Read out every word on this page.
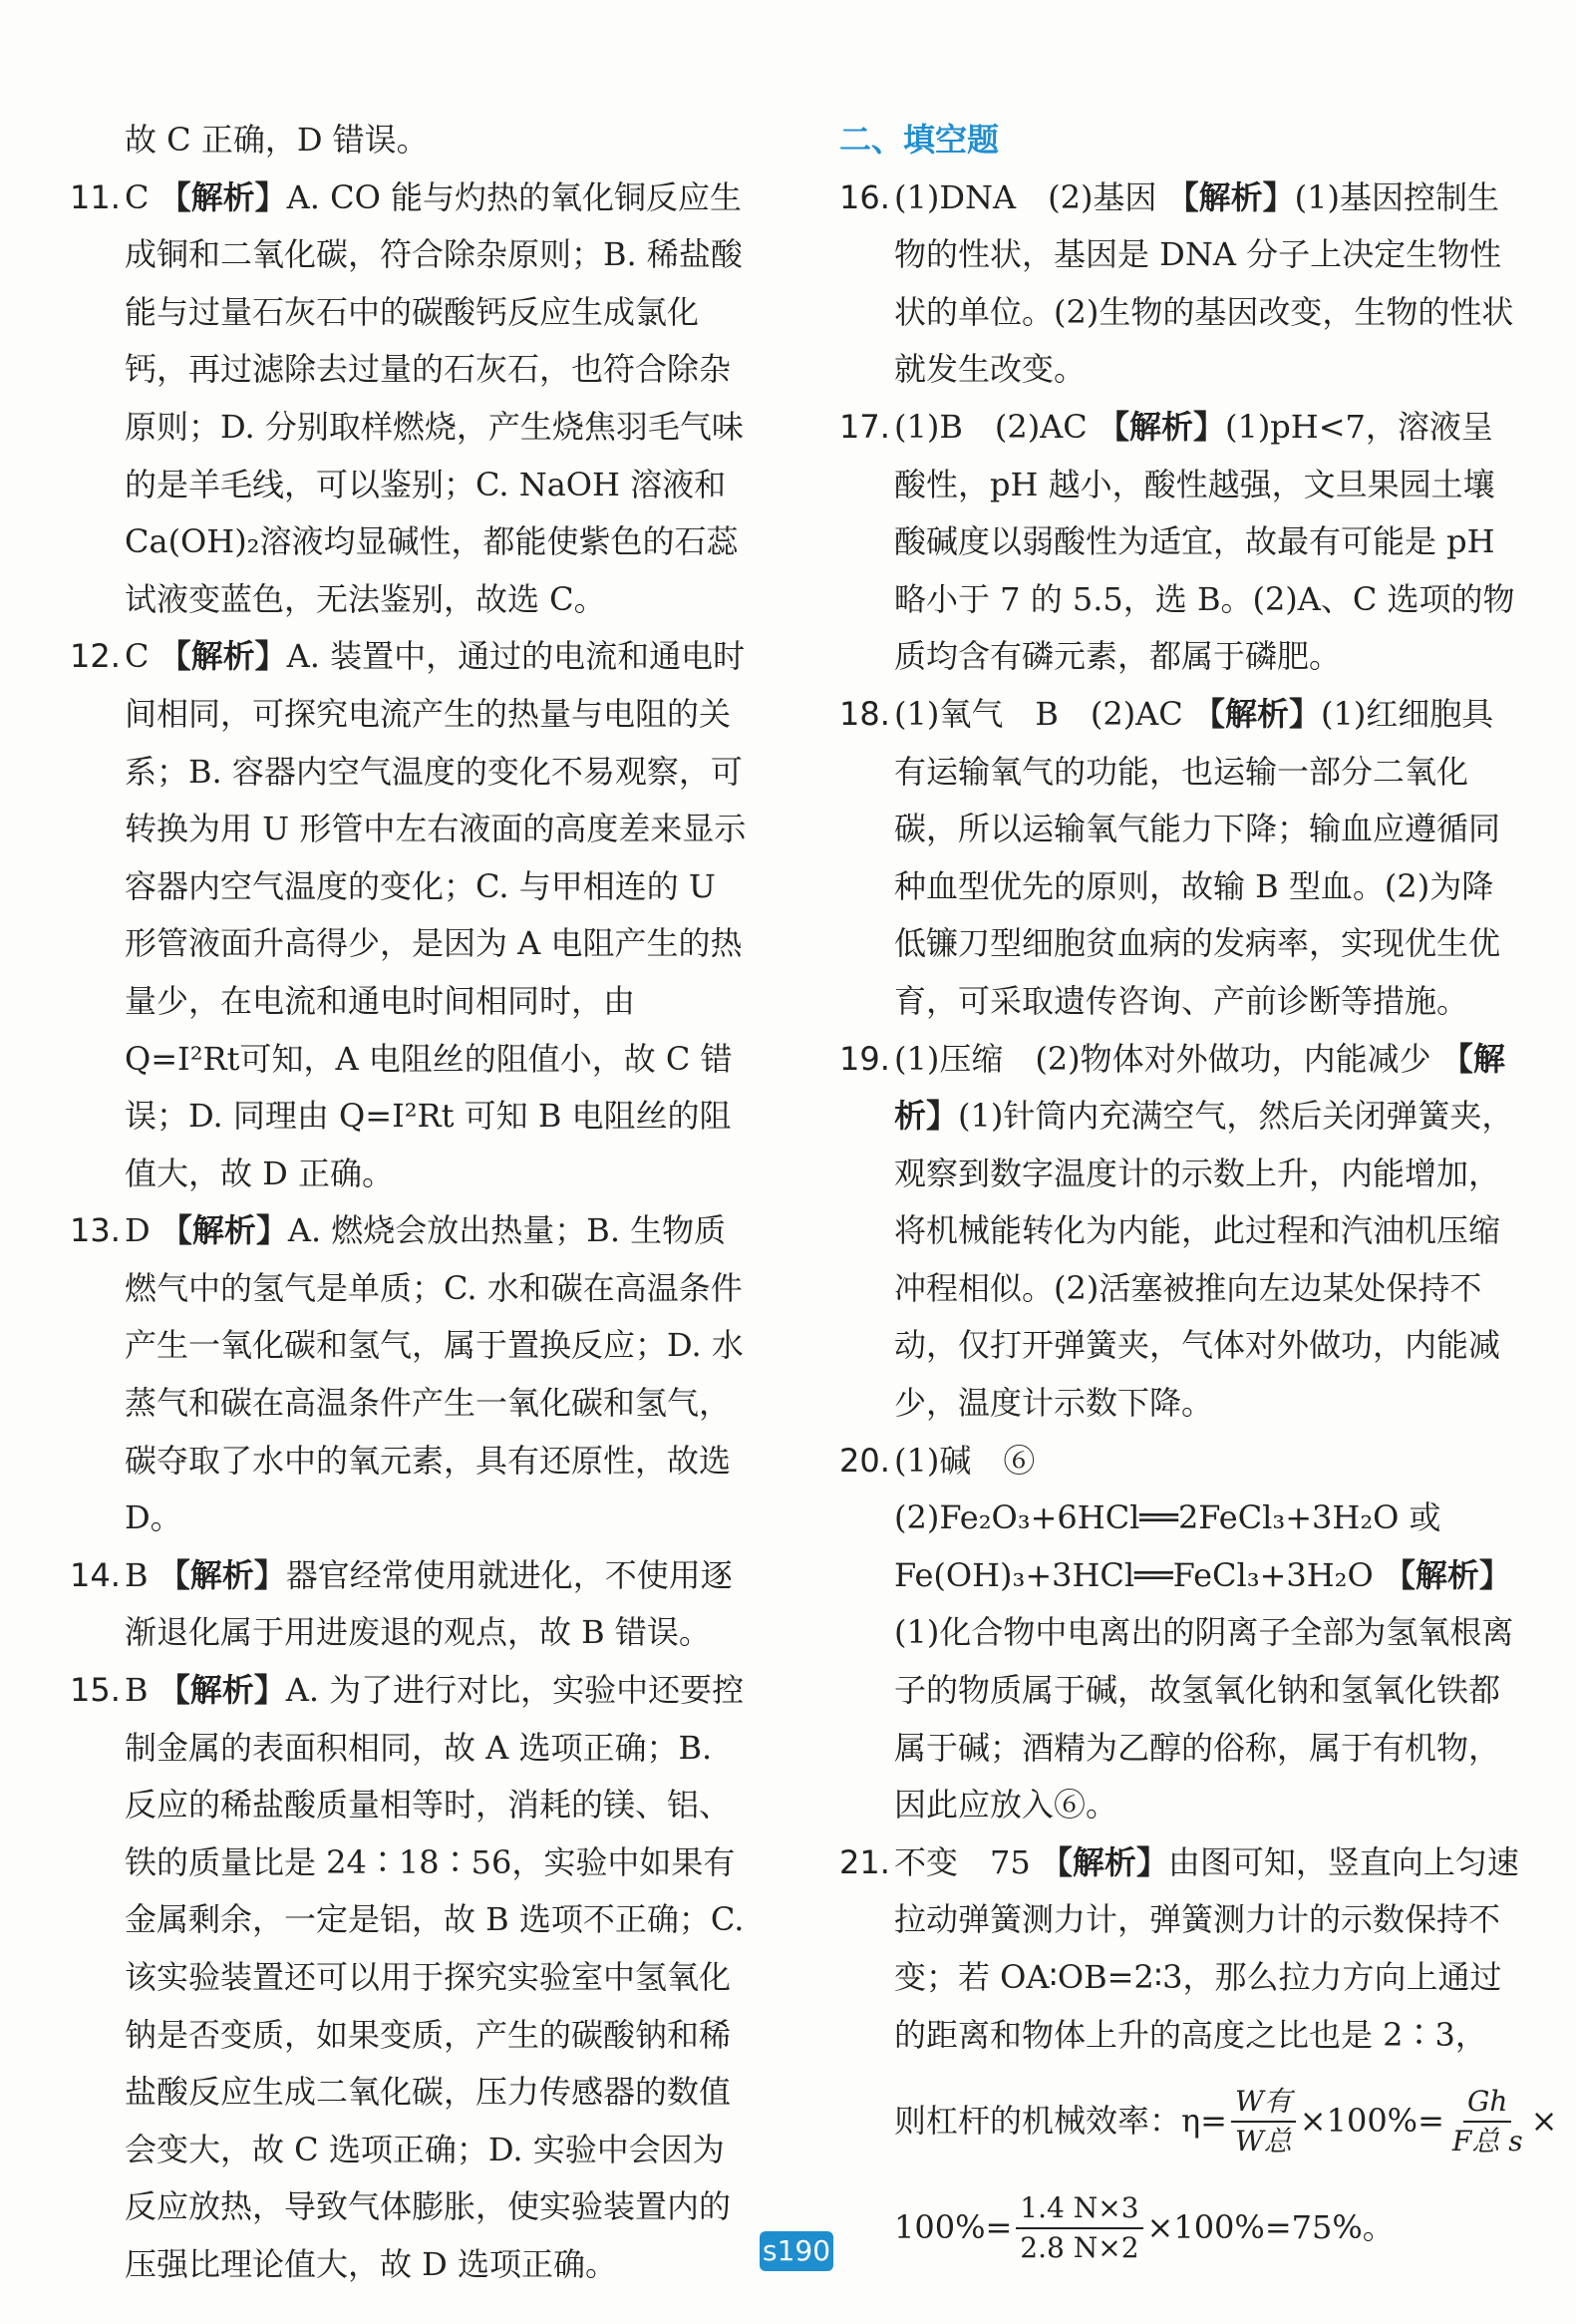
故 C 正确，D 错误。
11. C 【解析】A. CO 能与灼热的氧化铜反应生成铜和二氧化碳，符合除杂原则；B. 稀盐酸能与过量石灰石中的碳酸钙反应生成氯化钙，再过滤除去过量的石灰石，也符合除杂原则；D. 分别取样燃烧，产生烧焦羽毛气味的是羊毛线，可以鉴别；C. NaOH 溶液和 Ca(OH)₂溶液均显碱性，都能使紫色的石蕊试液变蓝色，无法鉴别，故选 C。
12. C 【解析】A. 装置中，通过的电流和通电时间相同，可探究电流产生的热量与电阻的关系；B. 容器内空气温度的变化不易观察，可转换为用 U 形管中左右液面的高度差来显示容器内空气温度的变化；C. 与甲相连的 U 形管液面升高得少，是因为 A 电阻产生的热量少，在电流和通电时间相同时，由 Q=I²Rt可知，A 电阻丝的阻值小，故 C 错误；D. 同理由 Q=I²Rt 可知 B 电阻丝的阻值大，故 D 正确。
13. D 【解析】A. 燃烧会放出热量；B. 生物质燃气中的氢气是单质；C. 水和碳在高温条件产生一氧化碳和氢气，属于置换反应；D. 水蒸气和碳在高温条件产生一氧化碳和氢气，碳夺取了水中的氧元素，具有还原性，故选 D。
14. B 【解析】器官经常使用就进化，不使用逐渐退化属于用进废退的观点，故 B 错误。
15. B 【解析】A. 为了进行对比，实验中还要控制金属的表面积相同，故 A 选项正确；B. 反应的稀盐酸质量相等时，消耗的镁、铝、铁的质量比是 24∶18∶56，实验中如果有金属剩余，一定是铝，故 B 选项不正确；C. 该实验装置还可以用于探究实验室中氢氧化钠是否变质，如果变质，产生的碳酸钠和稀盐酸反应生成二氧化碳，压力传感器的数值会变大，故 C 选项正确；D. 实验中会因为反应放热，导致气体膨胀，使实验装置内的压强比理论值大，故 D 选项正确。
二、填空题
16. (1)DNA　(2)基因 【解析】(1)基因控制生物的性状，基因是 DNA 分子上决定生物性状的单位。(2)生物的基因改变，生物的性状就发生改变。
17. (1)B　(2)AC 【解析】(1)pH<7，溶液呈酸性，pH 越小，酸性越强，文旦果园土壤酸碱度以弱酸性为适宜，故最有可能是 pH 略小于 7 的 5.5，选 B。(2)A、C 选项的物质均含有磷元素，都属于磷肥。
18. (1)氧气　B　(2)AC 【解析】(1)红细胞具有运输氧气的功能，也运输一部分二氧化碳，所以运输氧气能力下降；输血应遵循同种血型优先的原则，故输 B 型血。(2)为降低镰刀型细胞贫血病的发病率，实现优生优育，可采取遗传咨询、产前诊断等措施。
19. (1)压缩　(2)物体对外做功，内能减少 【解析】(1)针筒内充满空气，然后关闭弹簧夹，观察到数字温度计的示数上升，内能增加，将机械能转化为内能，此过程和汽油机压缩冲程相似。(2)活塞被推向左边某处保持不动，仅打开弹簧夹，气体对外做功，内能减少，温度计示数下降。
20. (1)碱　⑥　(2)Fe₂O₃+6HCl══2FeCl₃+3H₂O 或 Fe(OH)₃+3HCl══FeCl₃+3H₂O 【解析】(1)化合物中电离出的阴离子全部为氢氧根离子的物质属于碱，故氢氧化钠和氢氧化铁都属于碱；酒精为乙醇的俗称，属于有机物，因此应放入⑥。
21. 不变　75 【解析】由图可知，竖直向上匀速拉动弹簧测力计，弹簧测力计的示数保持不变；若 OA∶OB=2∶3，那么拉力方向上通过的距离和物体上升的高度之比也是 2∶3，
则杠杆的机械效率：$\eta= \frac{\text{W有}}{\text{W总}} \times 100\%= \frac{Gh}{\text{F总 s}}$ ×
$100\%= \frac{1.4 N\times 3}{2.8 N\times 2} \times 100\%=75\%$。
s190
